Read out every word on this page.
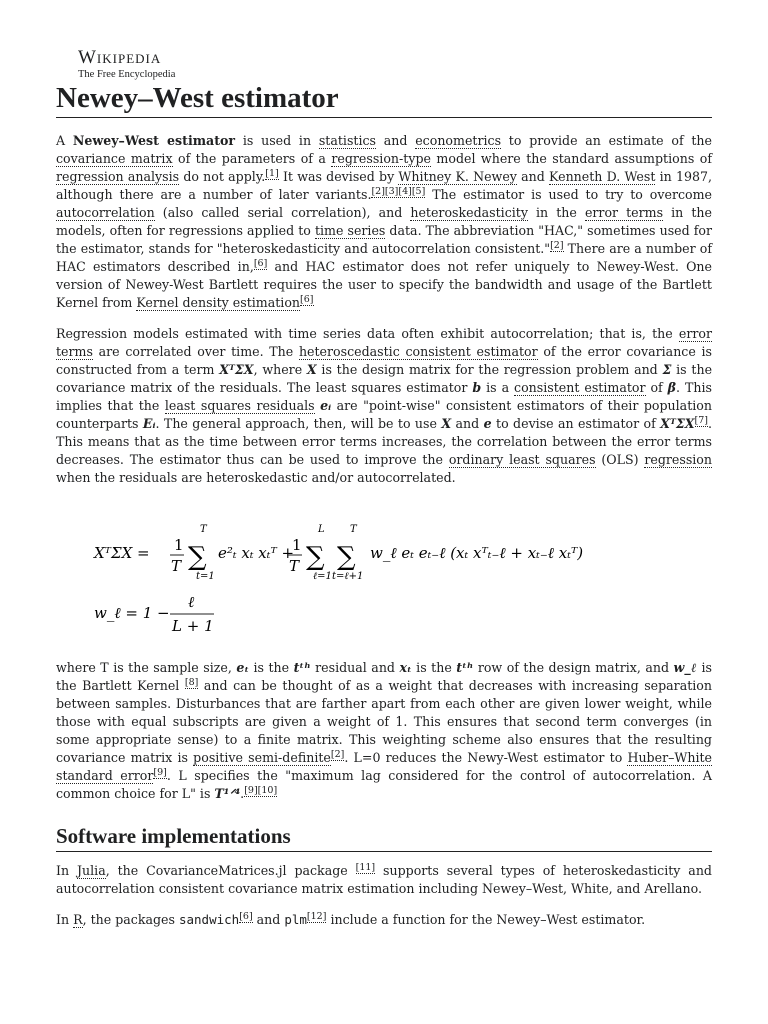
Wikipedia
The Free Encyclopedia
Newey–West estimator

A Newey–West estimator is used in statistics and econometrics to provide an estimate of the covariance matrix of the parameters of a regression-type model where the standard assumptions of regression analysis do not apply.[1] It was devised by Whitney K. Newey and Kenneth D. West in 1987, although there are a number of later variants.[2][3][4][5] The estimator is used to try to overcome autocorrelation (also called serial correlation), and heteroskedasticity in the error terms in the models, often for regressions applied to time series data. The abbreviation "HAC," sometimes used for the estimator, stands for "heteroskedasticity and autocorrelation consistent."[2] There are a number of HAC estimators described in,[6] and HAC estimator does not refer uniquely to Newey-West. One version of Newey-West Bartlett requires the user to specify the bandwidth and usage of the Bartlett Kernel from Kernel density estimation[6]

Regression models estimated with time series data often exhibit autocorrelation; that is, the error terms are correlated over time. The heteroscedastic consistent estimator of the error covariance is constructed from a term XᵀΣX, where X is the design matrix for the regression problem and Σ is the covariance matrix of the residuals. The least squares estimator b is a consistent estimator of β. This implies that the least squares residuals eᵢ are "point-wise" consistent estimators of their population counterparts Eᵢ. The general approach, then, will be to use X and e to devise an estimator of XᵀΣX[7]. This means that as the time between error terms increases, the correlation between the error terms decreases. The estimator thus can be used to improve the ordinary least squares (OLS) regression when the residuals are heteroskedastic and/or autocorrelated.

XᵀΣX = 1
T
T
∑
t=1
e²ₜ xₜ xₜᵀ +
1
T
L
∑
ℓ=1
T
∑
t=ℓ+1
w_ℓ eₜ eₜ₋ℓ (xₜ xᵀₜ₋ℓ + xₜ₋ℓ xₜᵀ)
w_ℓ = 1 −
ℓ
L + 1

where T is the sample size, eₜ is the tᵗʰ residual and xₜ is the tᵗʰ row of the design matrix, and w_ℓ is the Bartlett Kernel [8] and can be thought of as a weight that decreases with increasing separation between samples. Disturbances that are farther apart from each other are given lower weight, while those with equal subscripts are given a weight of 1. This ensures that second term converges (in some appropriate sense) to a finite matrix. This weighting scheme also ensures that the resulting covariance matrix is positive semi-definite[2]. L=0 reduces the Newy-West estimator to Huber–White standard error[9]. L specifies the "maximum lag considered for the control of autocorrelation. A common choice for L" is T¹ᐟ⁴.[9][10]

Software implementations

In Julia, the CovarianceMatrices.jl package [11] supports several types of heteroskedasticity and autocorrelation consistent covariance matrix estimation including Newey–West, White, and Arellano.

In R, the packages sandwich[6] and plm[12] include a function for the Newey–West estimator.
